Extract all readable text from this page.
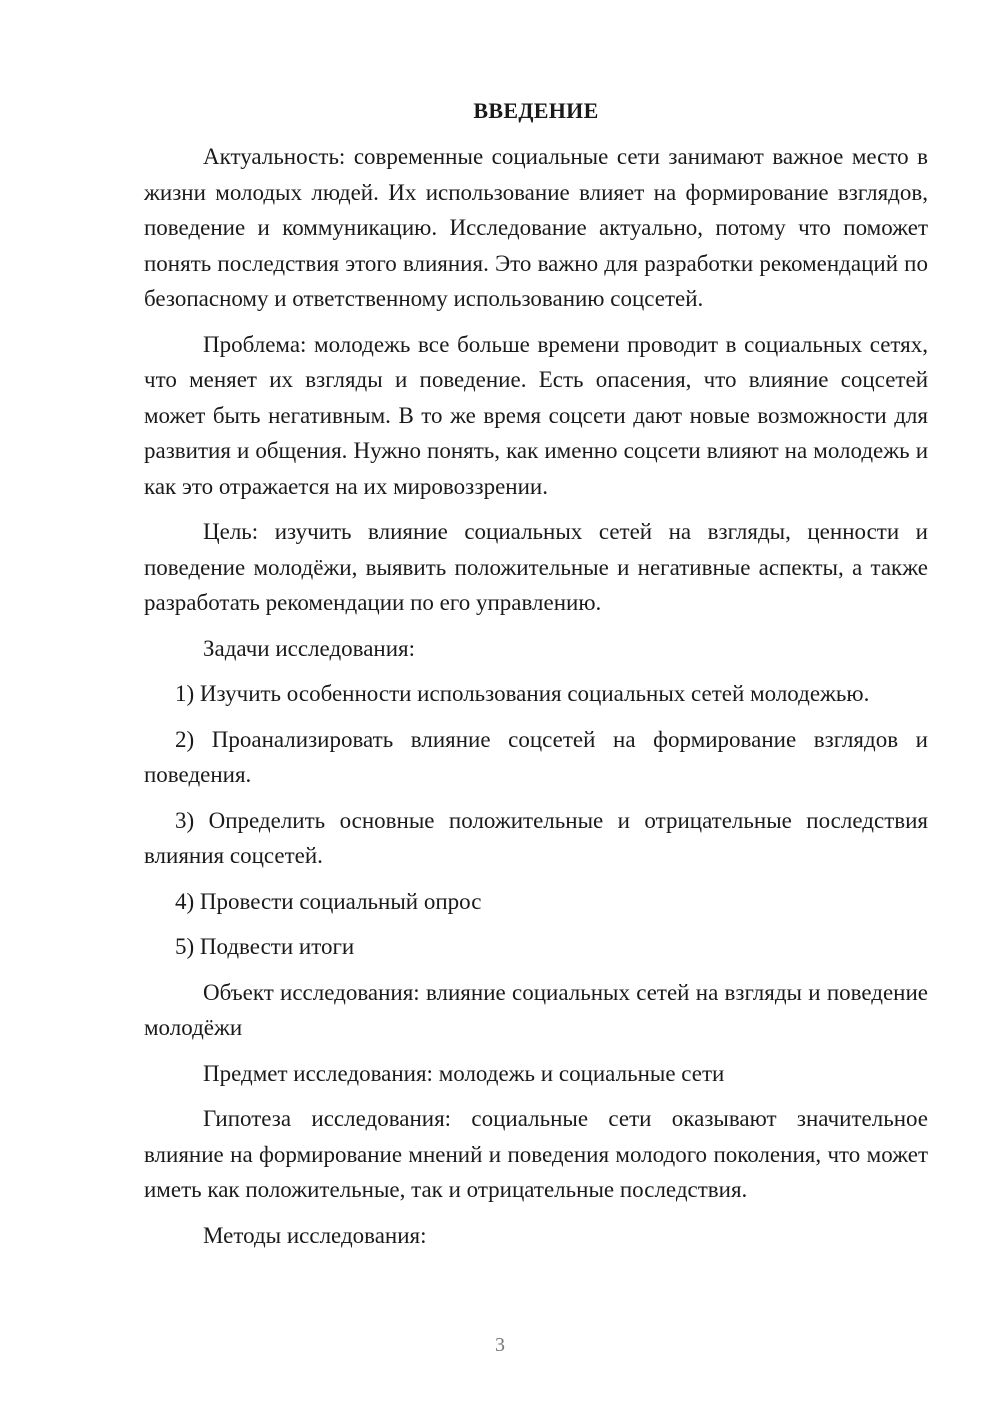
ВВЕДЕНИЕ

Актуальность: современные социальные сети занимают важное место в жизни молодых людей. Их использование влияет на формирование взглядов, поведение и коммуникацию. Исследование актуально, потому что поможет понять последствия этого влияния. Это важно для разработки рекомендаций по безопасному и ответственному использованию соцсетей.

Проблема: молодежь все больше времени проводит в социальных сетях, что меняет их взгляды и поведение. Есть опасения, что влияние соцсетей может быть негативным. В то же время соцсети дают новые возможности для развития и общения. Нужно понять, как именно соцсети влияют на молодежь и как это отражается на их мировоззрении.

Цель: изучить влияние социальных сетей на взгляды, ценности и поведение молодёжи, выявить положительные и негативные аспекты, а также разработать рекомендации по его управлению.

Задачи исследования:

1) Изучить особенности использования социальных сетей молодежью.

2) Проанализировать влияние соцсетей на формирование взглядов и поведения.

3) Определить основные положительные и отрицательные последствия влияния соцсетей.

4) Провести социальный опрос

5) Подвести итоги

Объект исследования: влияние социальных сетей на взгляды и поведение молодёжи

Предмет исследования: молодежь и социальные сети

Гипотеза исследования: социальные сети оказывают значительное влияние на формирование мнений и поведения молодого поколения, что может иметь как положительные, так и отрицательные последствия.

Методы исследования:

3
